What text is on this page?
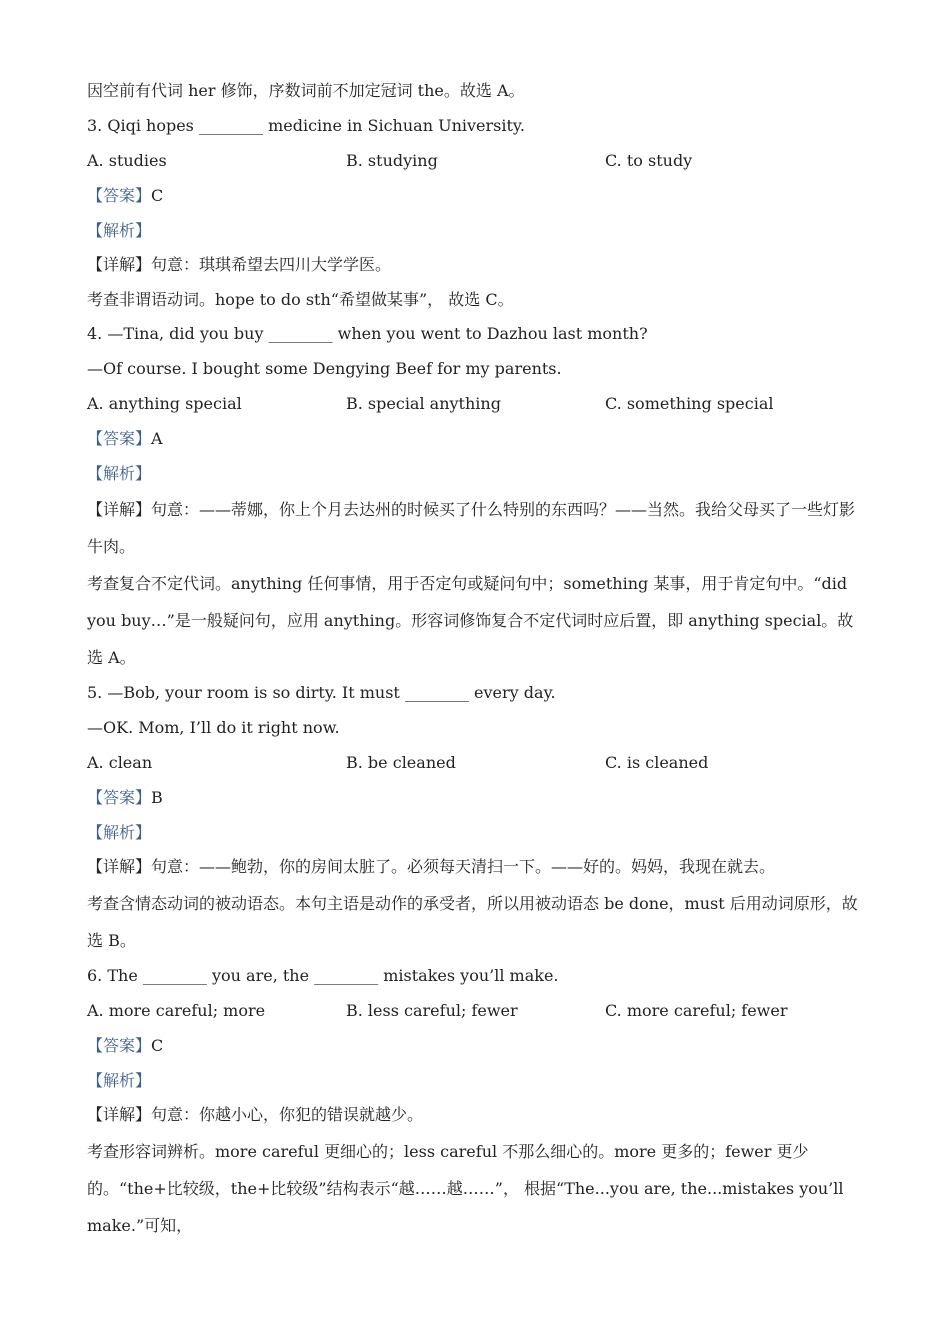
因空前有代词 her 修饰，序数词前不加定冠词 the。故选 A。
3. Qiqi hopes ________ medicine in Sichuan University.
A. studies	B. studying	C. to study
【答案】C
【解析】
【详解】句意：琪琪希望去四川大学学医。
考查非谓语动词。hope to do sth“希望做某事”， 故选 C。
4. —Tina, did you buy ________ when you went to Dazhou last month?
—Of course. I bought some Dengying Beef for my parents.
A. anything special	B. special anything	C. something special
【答案】A
【解析】
【详解】句意：——蒂娜，你上个月去达州的时候买了什么特别的东西吗？——当然。我给父母买了一些灯影牛肉。
考查复合不定代词。anything 任何事情，用于否定句或疑问句中；something 某事，用于肯定句中。“did you buy…”是一般疑问句，应用 anything。形容词修饰复合不定代词时应后置，即 anything special。故选 A。
5. —Bob, your room is so dirty. It must ________ every day.
—OK. Mom, I’ll do it right now.
A. clean	B. be cleaned	C. is cleaned
【答案】B
【解析】
【详解】句意：——鲍勃，你的房间太脏了。必须每天清扫一下。——好的。妈妈，我现在就去。
考查含情态动词的被动语态。本句主语是动作的承受者，所以用被动语态 be done，must 后用动词原形，故选 B。
6. The ________ you are, the ________ mistakes you’ll make.
A. more careful; more	B. less careful; fewer	C. more careful; fewer
【答案】C
【解析】
【详解】句意：你越小心，你犯的错误就越少。
考查形容词辨析。more careful 更细心的；less careful 不那么细心的。more 更多的；fewer 更少的。“the+比较级，the+比较级”结构表示“越……越……”， 根据“The...you are, the...mistakes you’ll make.”可知，
